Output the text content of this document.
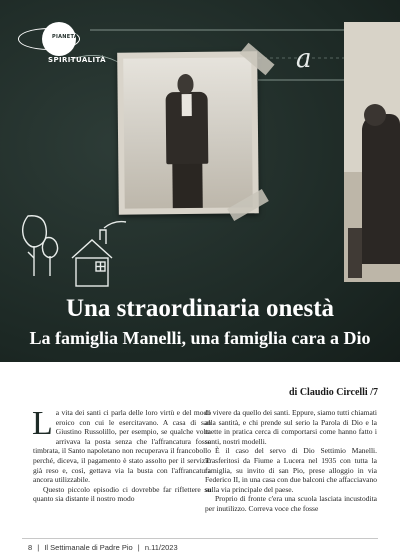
a
PIANETA
SPIRITUALITÀ
Una straordinaria onestà
La famiglia Manelli, una famiglia cara a Dio
di Claudio Circelli /7

La vita dei santi ci parla delle loro virtù e del modo eroico con cui le esercitavano. A casa di san Giustino Russolillo, per esempio, se qualche volta arrivava la posta senza che l'affrancatura fosse timbrata, il Santo napoletano non recuperava il francobollo perché, diceva, il pagamento è stato assolto per il servizio già reso e, così, gettava via la busta con l'affrancatura ancora utilizzabile.

Questo piccolo episodio ci dovrebbe far riflettere su quanto sia distante il nostro modo

di vivere da quello dei santi. Eppure, siamo tutti chiamati alla santità, e chi prende sul serio la Parola di Dio e la mette in pratica cerca di comportarsi come hanno fatto i santi, nostri modelli.

È il caso del servo di Dio Settimio Manelli. Trasferitosi da Fiume a Lucera nel 1935 con tutta la famiglia, su invito di san Pio, prese alloggio in via Federico II, in una casa con due balconi che affacciavano sulla via principale del paese.

Proprio di fronte c'era una scuola lasciata incustodita per inutilizzo. Correva voce che fosse

8 | Il Settimanale di Padre Pio | n.11/2023
